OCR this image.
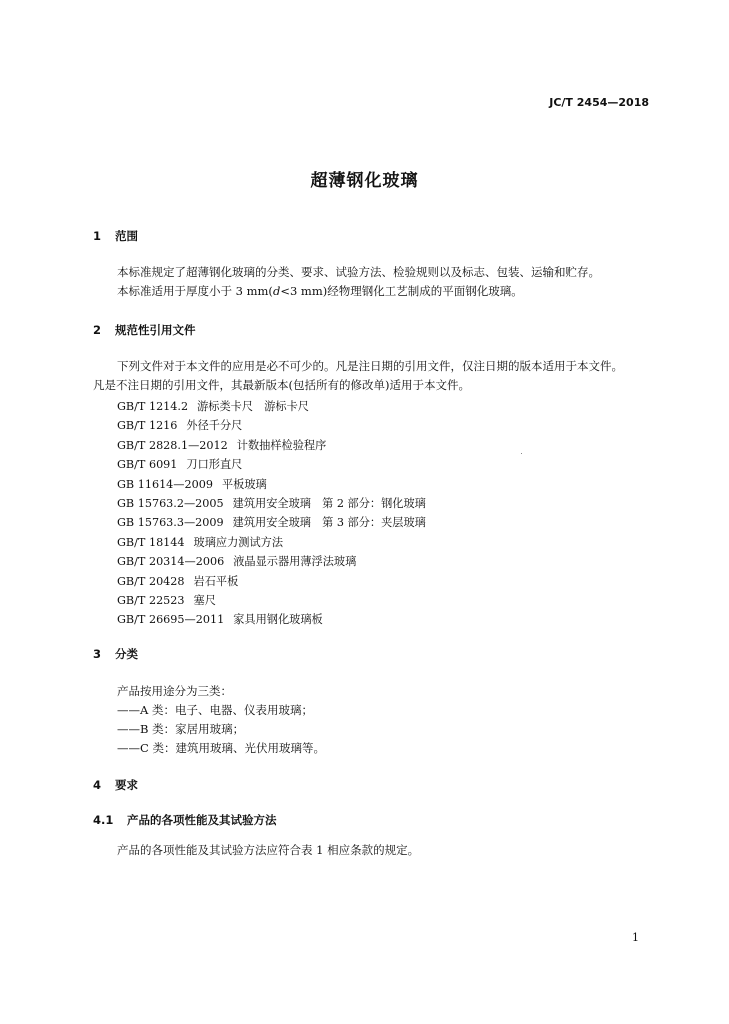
JC/T 2454—2018
超薄钢化玻璃
1 范围
本标准规定了超薄钢化玻璃的分类、要求、试验方法、检验规则以及标志、包装、运输和贮存。
本标准适用于厚度小于 3 mm(d<3 mm)经物理钢化工艺制成的平面钢化玻璃。
2 规范性引用文件
下列文件对于本文件的应用是必不可少的。凡是注日期的引用文件，仅注日期的版本适用于本文件。
凡是不注日期的引用文件，其最新版本(包括所有的修改单)适用于本文件。
GB/T 1214.2 游标类卡尺　游标卡尺
GB/T 1216 外径千分尺
GB/T 2828.1—2012 计数抽样检验程序
GB/T 6091 刀口形直尺
GB 11614—2009 平板玻璃
GB 15763.2—2005 建筑用安全玻璃　第 2 部分：钢化玻璃
GB 15763.3—2009 建筑用安全玻璃　第 3 部分：夹层玻璃
GB/T 18144 玻璃应力测试方法
GB/T 20314—2006 液晶显示器用薄浮法玻璃
GB/T 20428 岩石平板
GB/T 22523 塞尺
GB/T 26695—2011 家具用钢化玻璃板
3 分类
产品按用途分为三类：
——A 类：电子、电器、仪表用玻璃；
——B 类：家居用玻璃；
——C 类：建筑用玻璃、光伏用玻璃等。
4 要求
4.1 产品的各项性能及其试验方法
产品的各项性能及其试验方法应符合表 1 相应条款的规定。
1
